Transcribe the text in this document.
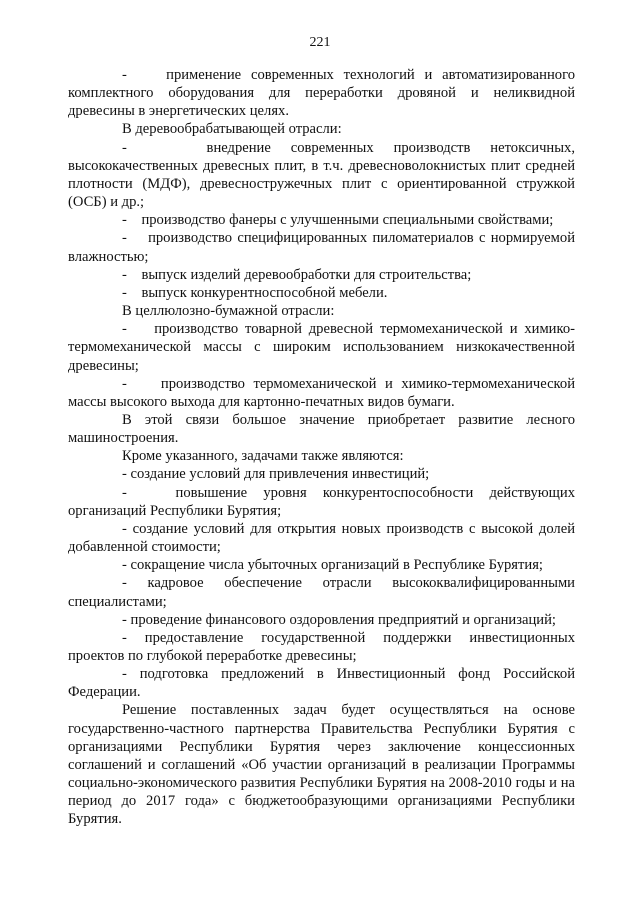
221

-    применение современных технологий и автоматизированного комплектного оборудования для переработки дровяной и неликвидной древесины в энергетических целях.

В деревообрабатывающей отрасли:

-    внедрение современных производств нетоксичных, высококачественных древесных плит, в т.ч. древесноволокнистых плит средней плотности (МДФ), древесностружечных плит с ориентированной стружкой (ОСБ) и др.;

-    производство фанеры с улучшенными специальными свойствами;

-    производство специфицированных пиломатериалов с нормируемой влажностью;

-    выпуск изделий деревообработки для строительства;

-    выпуск конкурентноспособной мебели.

В целлюлозно-бумажной отрасли:

-    производство товарной древесной термомеханической и химико-термомеханической массы с широким использованием низкокачественной древесины;

-    производство термомеханической и химико-термомеханической массы высокого выхода для картонно-печатных видов бумаги.

В этой связи большое значение приобретает развитие лесного машиностроения.

Кроме указанного, задачами также являются:

- создание условий для привлечения инвестиций;

-   повышение уровня конкурентоспособности действующих организаций Республики Бурятия;

- создание условий для открытия новых производств с высокой долей добавленной стоимости;

- сокращение числа убыточных организаций в Республике Бурятия;

- кадровое обеспечение отрасли высококвалифицированными специалистами;

- проведение финансового оздоровления предприятий и организаций;

- предоставление государственной поддержки инвестиционных проектов по глубокой переработке древесины;

- подготовка предложений в Инвестиционный фонд Российской Федерации.

Решение поставленных задач будет осуществляться на основе государственно-частного партнерства Правительства Республики Бурятия с организациями Республики Бурятия через заключение концессионных соглашений и соглашений «Об участии организаций в реализации Программы социально-экономического развития Республики Бурятия на 2008-2010 годы и на период до 2017 года» с бюджетообразующими организациями Республики Бурятия.
